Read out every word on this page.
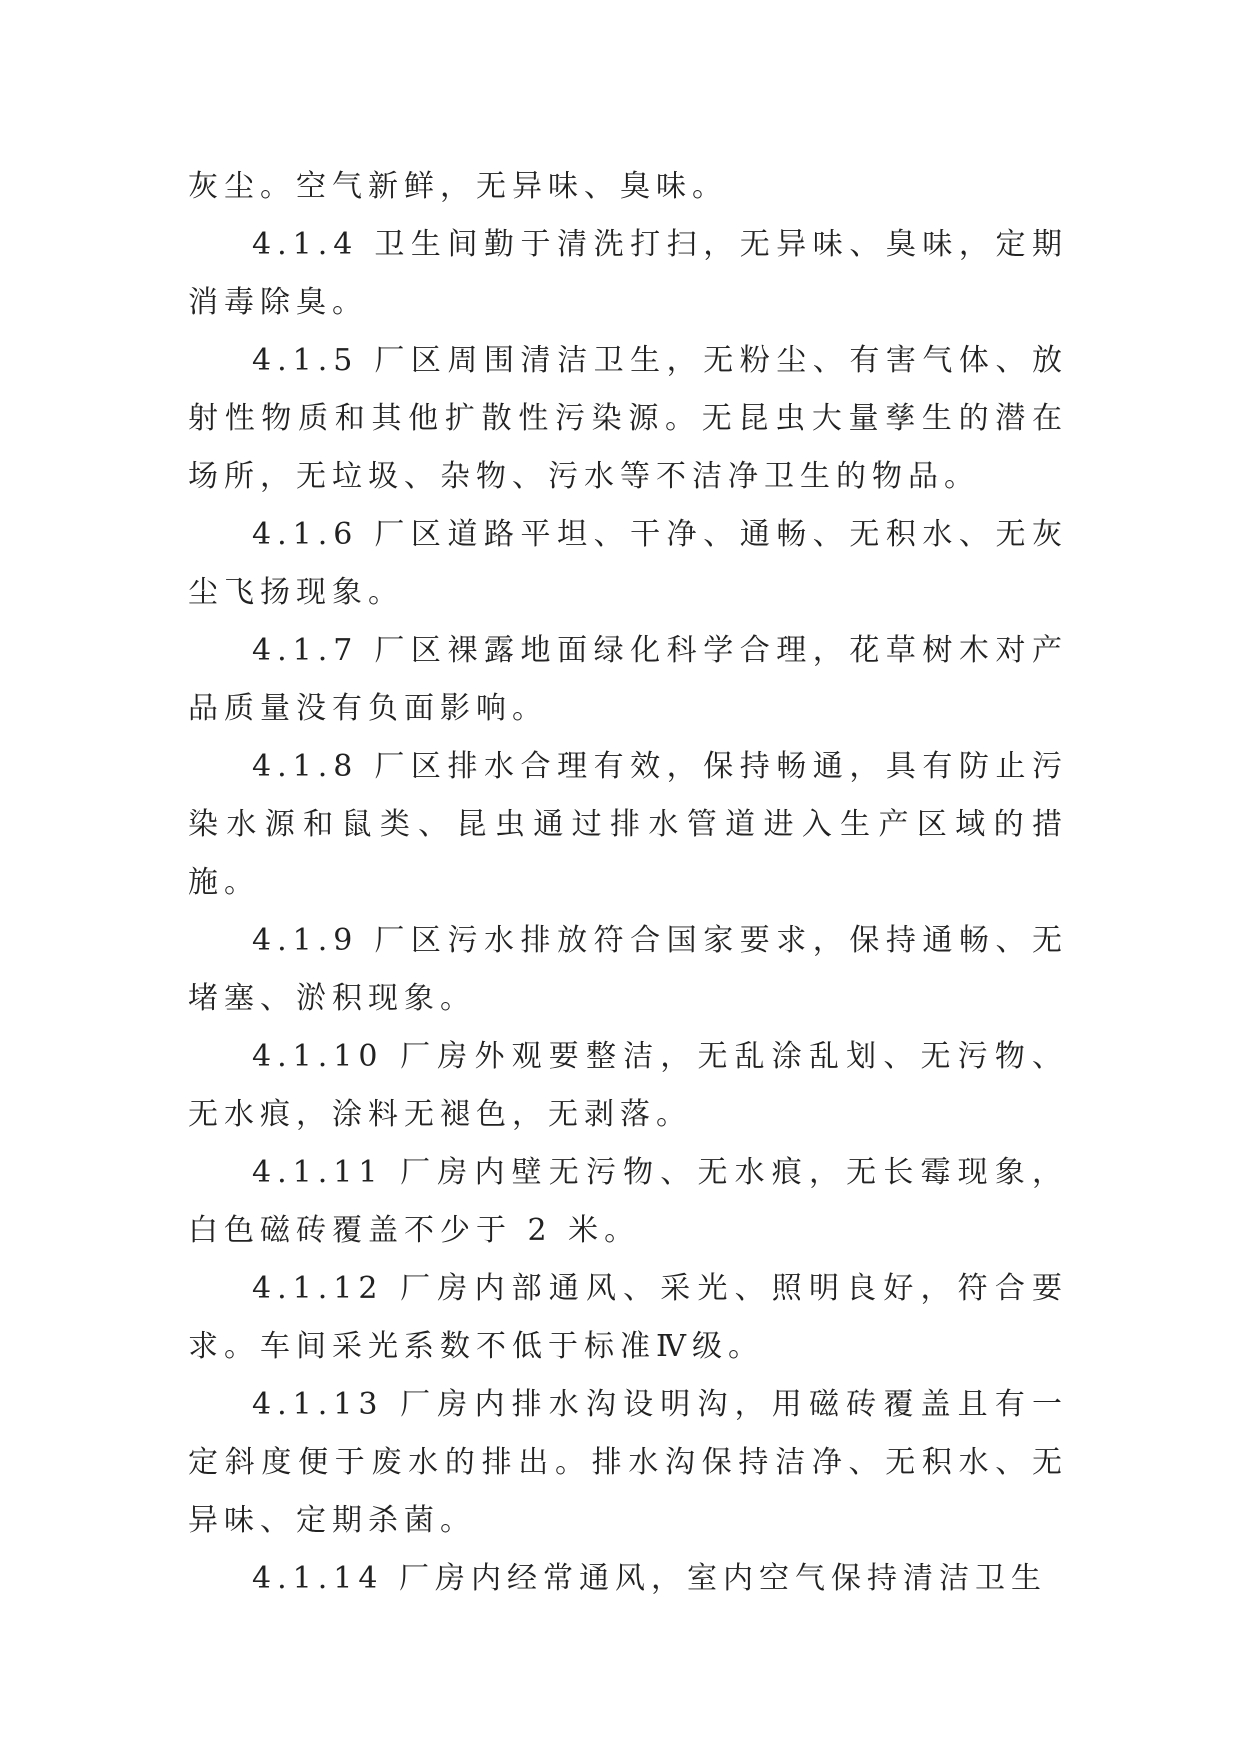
灰尘。空气新鲜，无异味、臭味。

4.1.4 卫生间勤于清洗打扫，无异味、臭味，定期消毒除臭。

4.1.5 厂区周围清洁卫生，无粉尘、有害气体、放射性物质和其他扩散性污染源。无昆虫大量孳生的潜在场所，无垃圾、杂物、污水等不洁净卫生的物品。

4.1.6 厂区道路平坦、干净、通畅、无积水、无灰尘飞扬现象。

4.1.7 厂区裸露地面绿化科学合理，花草树木对产品质量没有负面影响。

4.1.8 厂区排水合理有效，保持畅通，具有防止污染水源和鼠类、昆虫通过排水管道进入生产区域的措施。

4.1.9 厂区污水排放符合国家要求，保持通畅、无堵塞、淤积现象。

4.1.10 厂房外观要整洁，无乱涂乱划、无污物、无水痕，涂料无褪色，无剥落。

4.1.11 厂房内壁无污物、无水痕，无长霉现象，白色磁砖覆盖不少于 2 米。

4.1.12 厂房内部通风、采光、照明良好，符合要求。车间采光系数不低于标准Ⅳ级。

4.1.13 厂房内排水沟设明沟，用磁砖覆盖且有一定斜度便于废水的排出。排水沟保持洁净、无积水、无异味、定期杀菌。

4.1.14 厂房内经常通风，室内空气保持清洁卫生
